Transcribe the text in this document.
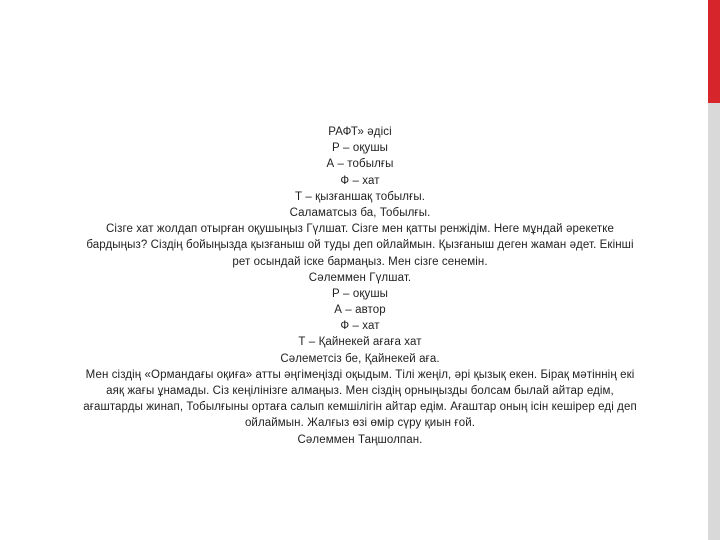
РАФТ» әдісі
Р – оқушы
А – тобылғы
Ф – хат
Т – қызғаншақ тобылғы.
Саламатсыз ба, Тобылғы.
Сізге хат жолдап отырған оқушыңыз Гүлшат. Сізге мен қатты ренжідім. Неге мұндай әрекетке
бардыңыз? Сіздің бойыңызда қызғаныш ой туды деп ойлаймын. Қызғаныш деген жаман әдет. Екінші
рет осындай іске бармаңыз. Мен сізге сенемін.
Сәлеммен Гүлшат.
Р – оқушы
А – автор
Ф – хат
Т – Қайнекей ағаға хат
Сәлеметсіз бе, Қайнекей аға.
Мен сіздің «Ормандағы оқиға» атты әңгімеңізді оқыдым. Тілі жеңіл, әрі қызық екен. Бірақ мәтіннің екі
аяқ жағы ұнамады. Сіз кеңілінізге алмаңыз. Мен сіздің орныңызды болсам былай айтар едім,
ағаштарды жинап, Тобылғыны ортаға салып кемшілігін айтар едім. Ағаштар оның ісін кешірер еді деп
ойлаймын. Жалғыз өзі өмір сүру қиын ғой.
Сәлеммен Таңшолпан.
